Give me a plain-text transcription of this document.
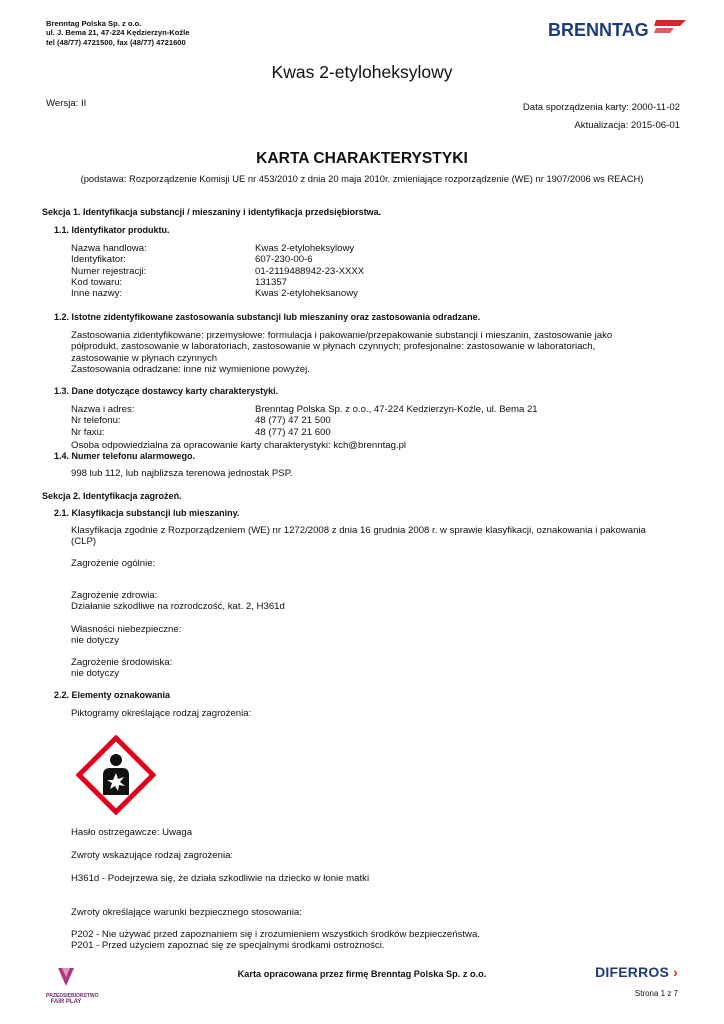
Brenntag Polska Sp. z o.o.
ul. J. Bema 21, 47-224 Kędzierzyn-Koźle
tel (48/77) 4721500, fax (48/77) 4721600
BRENNTAG
Kwas 2-etyloheksylowy
Wersja: II	Data sporządzenia karty: 2000-11-02
Aktualizacja: 2015-06-01
KARTA CHARAKTERYSTYKI
(podstawa: Rozporządzenie Komisji UE nr 453/2010 z dnia 20 maja 2010r. zmieniające rozporządzenie (WE) nr 1907/2006 ws REACH)
Sekcja 1. Identyfikacja substancji / mieszaniny i identyfikacja przedsiębiorstwa.
1.1. Identyfikator produktu.
Nazwa handlowa:	Kwas 2-etyloheksylowy
Identyfikator:	607-230-00-6
Numer rejestracji:	01-2119488942-23-XXXX
Kod towaru:	131357
Inne nazwy:	Kwas 2-etyloheksanowy
1.2. Istotne zidentyfikowane zastosowania substancji lub mieszaniny oraz zastosowania odradzane.
Zastosowania zidentyfikowane: przemysłowe: formulacja i pakowanie/przepakowanie substancji i mieszanin, zastosowanie jako
półprodukt, zastosowanie w laboratoriach, zastosowanie w płynach czynnych; profesjonalne: zastosowanie w laboratoriach,
zastosowanie w płynach czynnych
Zastosowania odradzane: inne niż wymienione powyżej.
1.3. Dane dotyczące dostawcy karty charakterystyki.
Nazwa i adres:	Brenntag Polska Sp. z o.o., 47-224 Kedzierzyn-Koźle, ul. Bema 21
Nr telefonu:	48 (77) 47 21 500
Nr faxu:	48 (77) 47 21 600
Osoba odpowiedzialna za opracowanie karty charakterystyki: kch@brenntag.pl
1.4. Numer telefonu alarmowego.
998 lub 112, lub najbliższa terenowa jednostak PSP.
Sekcja 2. Identyfikacja zagrożeń.
2.1. Klasyfikacja substancji lub mieszaniny.
Klasyfikacja zgodnie z Rozporządzeniem (WE) nr 1272/2008 z dnia 16 grudnia 2008 r. w sprawie klasyfikacji, oznakowania i pakowania
(CLP)
Zagrożenie ogólnie:
Zagrożenie zdrowia:
Działanie szkodliwe na rozrodczość, kat. 2, H361d
Własności niebezpieczne:
nie dotyczy
Zagrożenie środowiska:
nie dotyczy
2.2. Elementy oznakowania
Piktogramy określające rodzaj zagrożenia:
Hasło ostrzegawcze: Uwaga
Zwroty wskazujące rodzaj zagrożenia:
H361d - Podejrzewa się, że działa szkodliwie na dziecko w łonie matki
Zwroty określające warunki bezpiecznego stosowania:
P202 - Nie używać przed zapoznaniem się i zrozumieniem wszystkich środków bezpieczeństwa.
P201 - Przed użyciem zapoznać się ze specjalnymi środkami ostrożności.
PRZEDSIĘBIORSTWO
FAIR PLAY
Karta opracowana przez firmę Brenntag Polska Sp. z o.o.	DIFERROS ›
Strona 1 z 7
